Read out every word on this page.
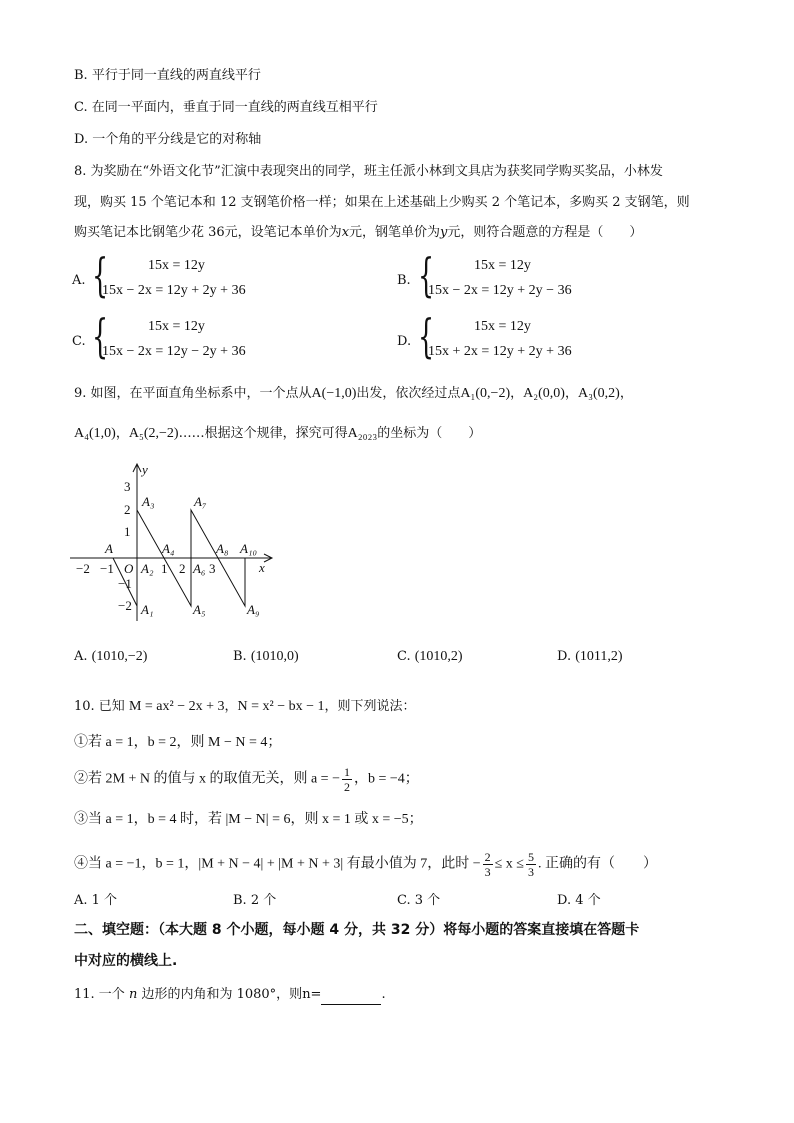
B. 平行于同一直线的两直线平行
C. 在同一平面内，垂直于同一直线的两直线互相平行
D. 一个角的平分线是它的对称轴
8. 为奖励在“外语文化节”汇演中表现突出的同学，班主任派小林到文具店为获奖同学购买奖品，小林发
现，购买 15 个笔记本和 12 支钢笔价格一样；如果在上述基础上少购买 2 个笔记本，多购买 2 支钢笔，则
购买笔记本比钢笔少花 36元，设笔记本单价为x元，钢笔单价为y元，则符合题意的方程是（　　）
A. {	15x = 12y
15x − 2x = 12y + 2y + 36
B. {	15x = 12y
15x − 2x = 12y + 2y − 36
C. {	15x = 12y
15x − 2x = 12y − 2y + 36
D. {	15x = 12y
15x + 2x = 12y + 2y + 36
9. 如图，在平面直角坐标系中，一个点从A(−1,0)出发，依次经过点A₁(0,−2)，A₂(0,0)，A₃(0,2)，
A₄(1,0)，A₅(2,−2)……根据这个规律，探究可得A₂₀₂₃的坐标为（　　）
y
x
O
−2 −1	1 2 3
3
2
1
−1
−2
A
A₁
A₂
A₃
A₄
A₅
A₆
A₇
A₈
A₉
A₁₀
A. (1010,−2)	B. (1010,0)	C. (1010,2)	D. (1011,2)
10. 已知 M = ax² − 2x + 3，N = x² − bx − 1，则下列说法：
①若 a = 1，b = 2，则 M − N = 4；
②若 2M + N 的值与 x 的取值无关，则 a = − $\frac{1}{2}$ ，b = −4；
③当 a = 1，b = 4 时，若 |M − N| = 6，则 x = 1 或 x = −5；
④当 a = −1，b = 1，|M + N − 4| + |M + N + 3| 有最小值为 7，此时 − $\frac{2}{3} \le x \le \frac{5}{3}$ . 正确的有（　　）
A. 1 个	B. 2 个	C. 3 个	D. 4 个
二、填空题：（本大题 8 个小题，每小题 4 分，共 32 分）将每小题的答案直接填在答题卡
中对应的横线上.
11. 一个 n 边形的内角和为 1080°，则n=	.
